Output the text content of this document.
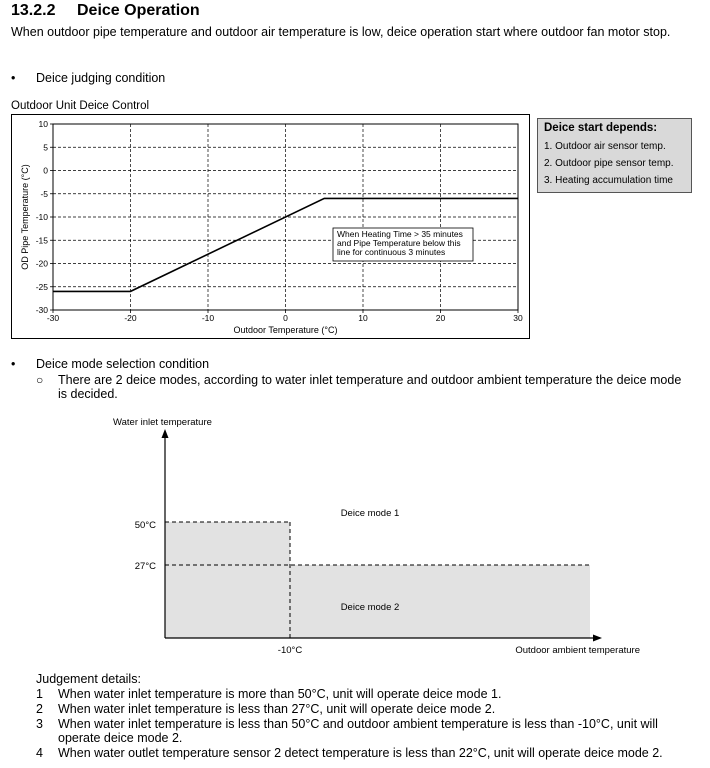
13.2.2 Deice Operation
When outdoor pipe temperature and outdoor air temperature is low, deice operation start where outdoor fan motor stop.
• Deice judging condition
Outdoor Unit Deice Control
-30	-20	-10	0	10	20	30
10
5
0
-5
-10
-15
-20
-25
-30
When Heating Time > 35 minutes
and Pipe Temperature below this
line for continuous 3 minutes
Outdoor Temperature (°C)
OD Pipe Temperature (°C)
Deice start depends:
1. Outdoor air sensor temp.
2. Outdoor pipe sensor temp.
3. Heating accumulation time
• Deice mode selection condition
○ There are 2 deice modes, according to water inlet temperature and outdoor ambient temperature the deice mode is decided.
Water inlet temperature
50°C
27°C
-10°C
Deice mode 1
Deice mode 2
Outdoor ambient temperature
Judgement details:
1 When water inlet temperature is more than 50°C, unit will operate deice mode 1.
2 When water inlet temperature is less than 27°C, unit will operate deice mode 2.
3 When water inlet temperature is less than 50°C and outdoor ambient temperature is less than -10°C, unit will operate deice mode 2.
4 When water outlet temperature sensor 2 detect temperature is less than 22°C, unit will operate deice mode 2.
